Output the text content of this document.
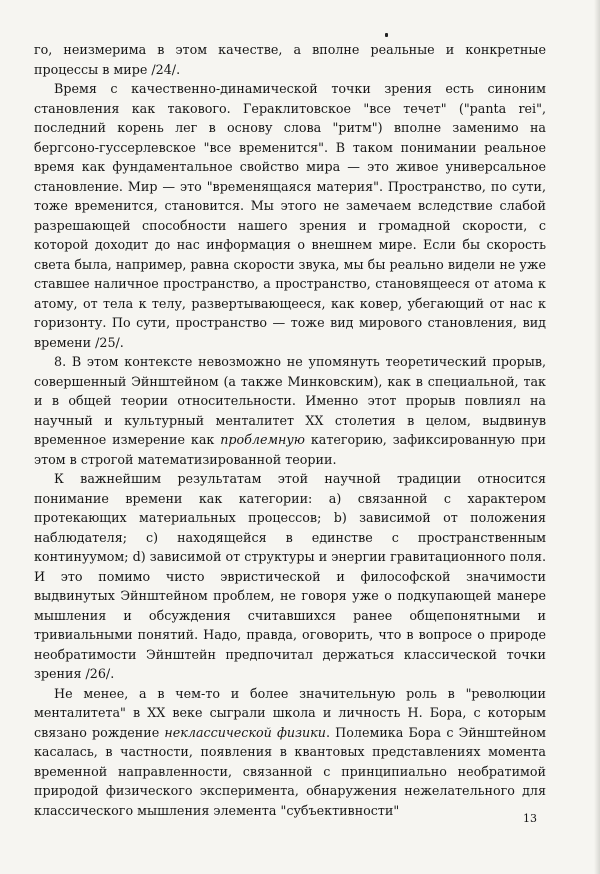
го, неизмерима в этом качестве, а вполне реальные и конкретные процессы в мире /24/.

Время с качественно-динамической точки зрения есть синоним становления как такового. Гераклитовское "все течет" ("panta rei", последний корень лег в основу слова "ритм") вполне заменимо на бергсоно-гуссерлевское "все временится". В таком понимании реальное время как фундаментальное свойство мира — это живое универсальное становление. Мир — это "временящаяся материя". Пространство, по сути, тоже временится, становится. Мы этого не замечаем вследствие слабой разрешающей способности нашего зрения и громадной скорости, с которой доходит до нас информация о внешнем мире. Если бы скорость света была, например, равна скорости звука, мы бы реально видели не уже ставшее наличное пространство, а пространство, становящееся от атома к атому, от тела к телу, развертывающееся, как ковер, убегающий от нас к горизонту. По сути, пространство — тоже вид мирового становления, вид времени /25/.

8. В этом контексте невозможно не упомянуть теоретический прорыв, совершенный Эйнштейном (а также Минковским), как в специальной, так и в общей теории относительности. Именно этот прорыв повлиял на научный и культурный менталитет XX столетия в целом, выдвинув временное измерение как проблемную категорию, зафиксированную при этом в строгой математизированной теории.

К важнейшим результатам этой научной традиции относится понимание времени как категории: a) связанной с характером протекающих материальных процессов; b) зависимой от положения наблюдателя; c) находящейся в единстве с пространственным континуумом; d) зависимой от структуры и энергии гравитационного поля. И это помимо чисто эвристической и философской значимости выдвинутых Эйнштейном проблем, не говоря уже о подкупающей манере мышления и обсуждения считавшихся ранее общепонятными и тривиальными понятий. Надо, правда, оговорить, что в вопросе о природе необратимости Эйнштейн предпочитал держаться классической точки зрения /26/.

Не менее, а в чем-то и более значительную роль в "революции менталитета" в XX веке сыграли школа и личность Н. Бора, с которым связано рождение неклассической физики. Полемика Бора с Эйнштейном касалась, в частности, появления в квантовых представлениях момента временной направленности, связанной с принципиально необратимой природой физического эксперимента, обнаружения нежелательного для классического мышления элемента "субъективности"

13
